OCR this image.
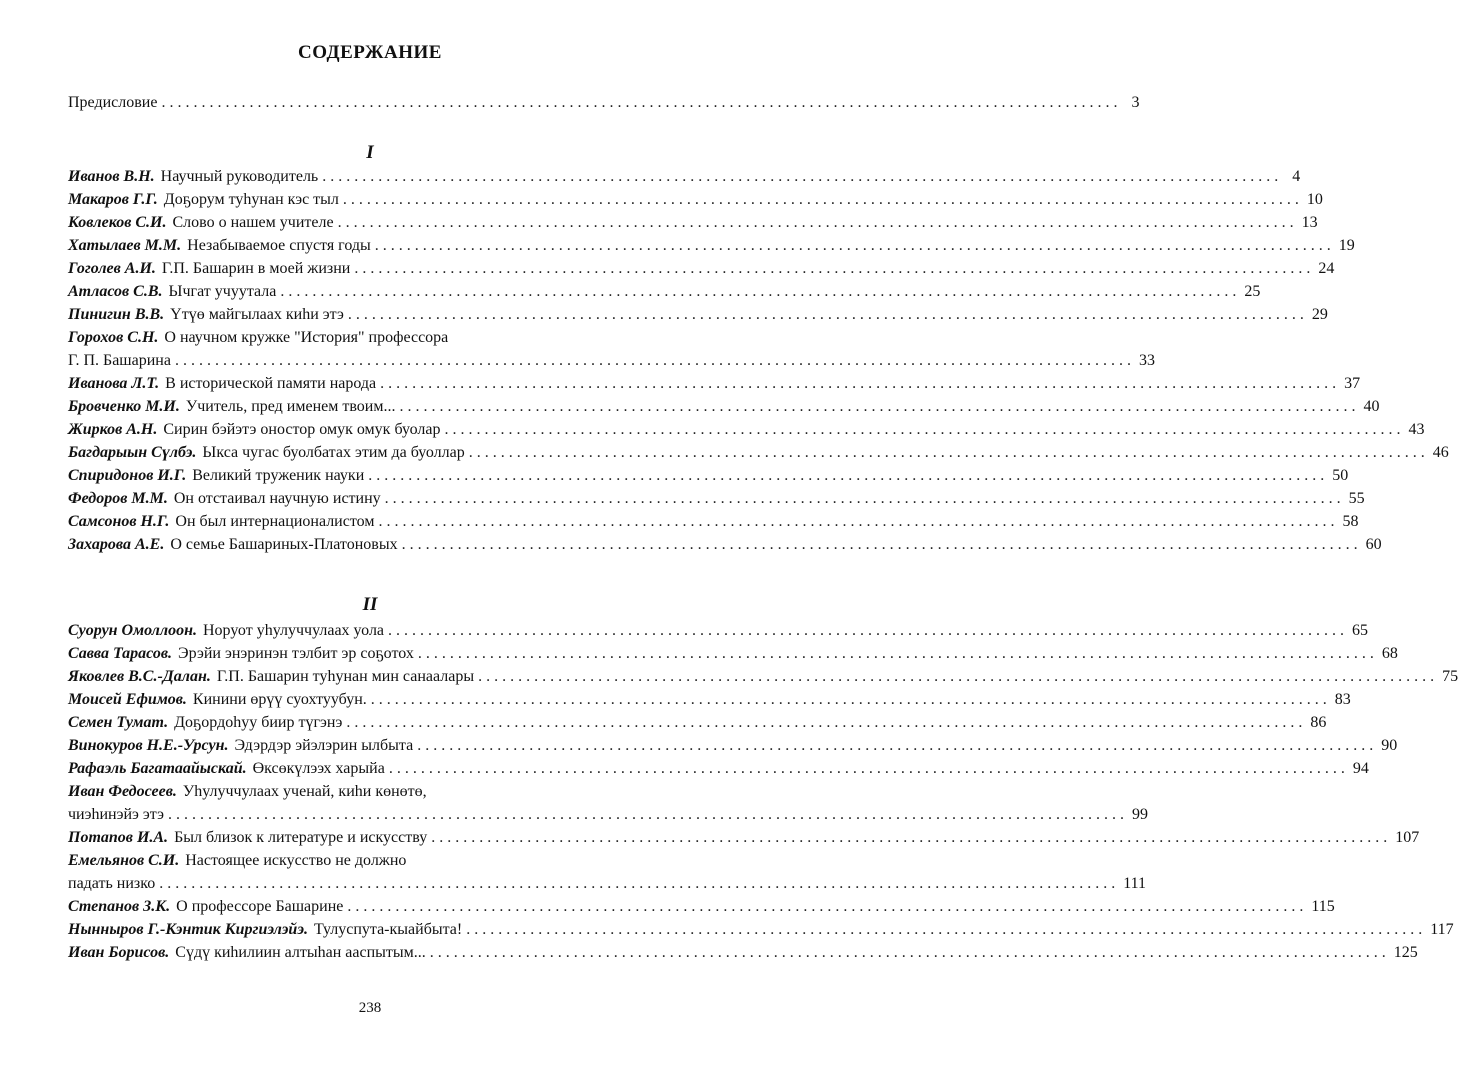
СОДЕРЖАНИЕ
Предисловие ........................................................................................................................ 3
I
Иванов В.Н. Научный руководитель ........................................................................................................................ 4
Макаров Г.Г. Доҕорум туһунан кэс тыл ........................................................................................................................ 10
Ковлеков С.И. Слово о нашем учителе ........................................................................................................................ 13
Хатылаев М.М. Незабываемое спустя годы ........................................................................................................................ 19
Гоголев А.И. Г.П. Башарин в моей жизни ........................................................................................................................ 24
Атласов С.В. Ычгат учуутала ........................................................................................................................ 25
Пинигин В.В. Үтүө майгылаах киһи этэ ........................................................................................................................ 29
Горохов С.Н. О научном кружке "История" профессора
Г. П. Башарина ........................................................................................................................ 33
Иванова Л.Т. В исторической памяти народа ........................................................................................................................ 37
Бровченко М.И. Учитель, пред именем твоим... ........................................................................................................................ 40
Жирков А.Н. Сирин бэйэтэ оностор омук омук буолар ........................................................................................................................ 43
Багдарыын Сүлбэ. Ыкса чугас буолбатах этим да буоллар ........................................................................................................................ 46
Спиридонов И.Г. Великий труженик науки ........................................................................................................................ 50
Федоров М.М. Он отстаивал научную истину ........................................................................................................................ 55
Самсонов Н.Г. Он был интернационалистом ........................................................................................................................ 58
Захарова А.Е. О семье Башариных-Платоновых ........................................................................................................................ 60
II
Суорун Омоллоон. Норуот уһулуччулаах уола ........................................................................................................................ 65
Савва Тарасов. Эрэйи энэринэн тэлбит эр соҕотох ........................................................................................................................ 68
Яковлев В.С.-Далан. Г.П. Башарин туһунан мин санаалары ........................................................................................................................ 75
Моисей Ефимов. Кинини өрүү суохтуубун. ........................................................................................................................ 83
Семен Тумат. Доҕордоһуу биир түгэнэ ........................................................................................................................ 86
Винокуров Н.Е.-Урсун. Эдэрдэр эйэлэрин ылбыта ........................................................................................................................ 90
Рафаэль Багатаайыскай. Өксөкүлээх харыйа ........................................................................................................................ 94
Иван Федосеев. Уһулуччулаах ученай, киһи көнөтө,
чиэһинэйэ этэ ........................................................................................................................ 99
Потапов И.А. Был близок к литературе и искусству ........................................................................................................................ 107
Емельянов С.И. Настоящее искусство не должно
падать низко ........................................................................................................................ 111
Степанов З.К. О профессоре Башарине ........................................................................................................................ 115
Нынныров Г.-Кэнтик Киргиэлэйэ. Тулуспута-кыайбыта! ........................................................................................................................ 117
Иван Борисов. Сүдү киһилиин алтыһан ааспытым... ........................................................................................................................ 125
238
